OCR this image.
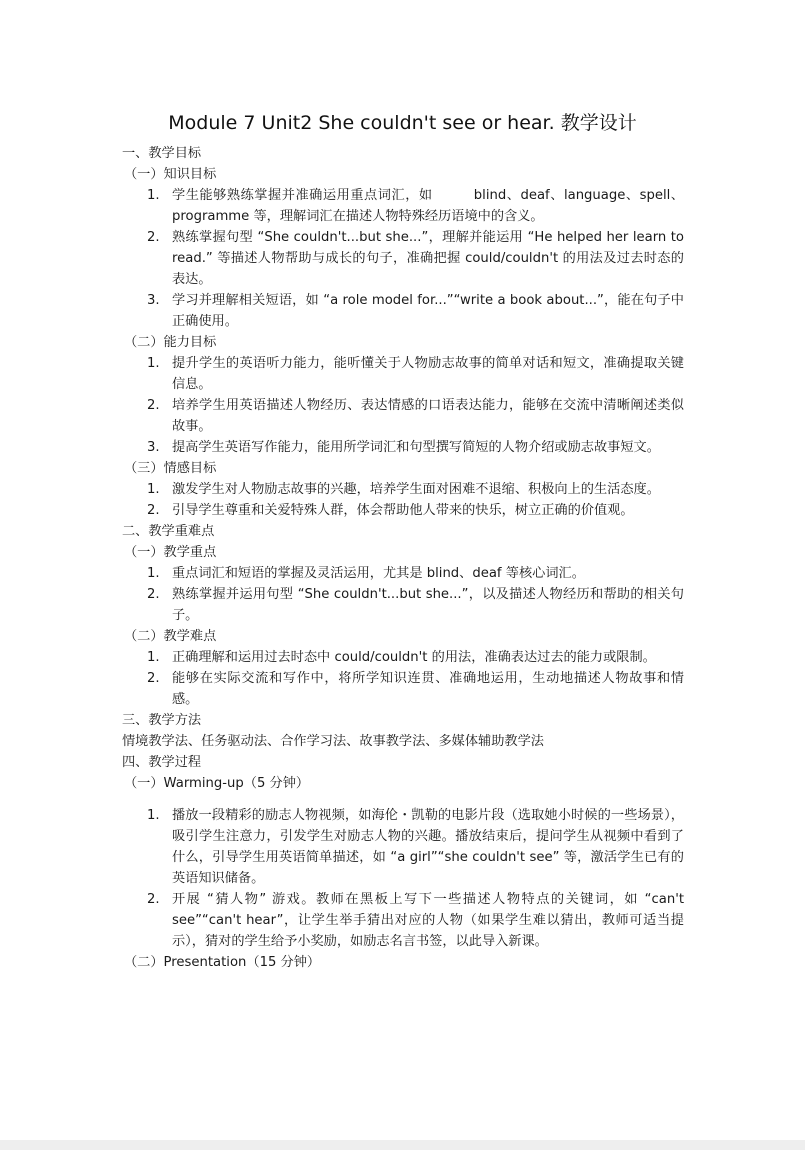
Module 7 Unit2 She couldn't see or hear. 教学设计

一、教学目标

（一）知识目标

1. 学生能够熟练掌握并准确运用重点词汇，如　　　blind、deaf、language、spell、programme 等，理解词汇在描述人物特殊经历语境中的含义。
2. 熟练掌握句型 “She couldn't...but she...”，理解并能运用 “He helped her learn to read.” 等描述人物帮助与成长的句子，准确把握 could/couldn't 的用法及过去时态的表达。
3. 学习并理解相关短语，如 “a role model for...”“write a book about...”，能在句子中正确使用。

（二）能力目标

1. 提升学生的英语听力能力，能听懂关于人物励志故事的简单对话和短文，准确提取关键信息。
2. 培养学生用英语描述人物经历、表达情感的口语表达能力，能够在交流中清晰阐述类似故事。
3. 提高学生英语写作能力，能用所学词汇和句型撰写简短的人物介绍或励志故事短文。

（三）情感目标

1. 激发学生对人物励志故事的兴趣，培养学生面对困难不退缩、积极向上的生活态度。
2. 引导学生尊重和关爱特殊人群，体会帮助他人带来的快乐，树立正确的价值观。

二、教学重难点

（一）教学重点

1. 重点词汇和短语的掌握及灵活运用，尤其是 blind、deaf 等核心词汇。
2. 熟练掌握并运用句型 “She couldn't...but she...”，以及描述人物经历和帮助的相关句子。

（二）教学难点

1. 正确理解和运用过去时态中 could/couldn't 的用法，准确表达过去的能力或限制。
2. 能够在实际交流和写作中，将所学知识连贯、准确地运用，生动地描述人物故事和情感。

三、教学方法

情境教学法、任务驱动法、合作学习法、故事教学法、多媒体辅助教学法

四、教学过程

（一）Warming-up（5 分钟）

1. 播放一段精彩的励志人物视频，如海伦・凯勒的电影片段（选取她小时候的一些场景），吸引学生注意力，引发学生对励志人物的兴趣。播放结束后，提问学生从视频中看到了什么，引导学生用英语简单描述，如 “a girl”“she couldn't see” 等，激活学生已有的英语知识储备。
2. 开展 “猜人物” 游戏。教师在黑板上写下一些描述人物特点的关键词，如 “can't see”“can't hear”，让学生举手猜出对应的人物（如果学生难以猜出，教师可适当提示），猜对的学生给予小奖励，如励志名言书签，以此导入新课。

（二）Presentation（15 分钟）
